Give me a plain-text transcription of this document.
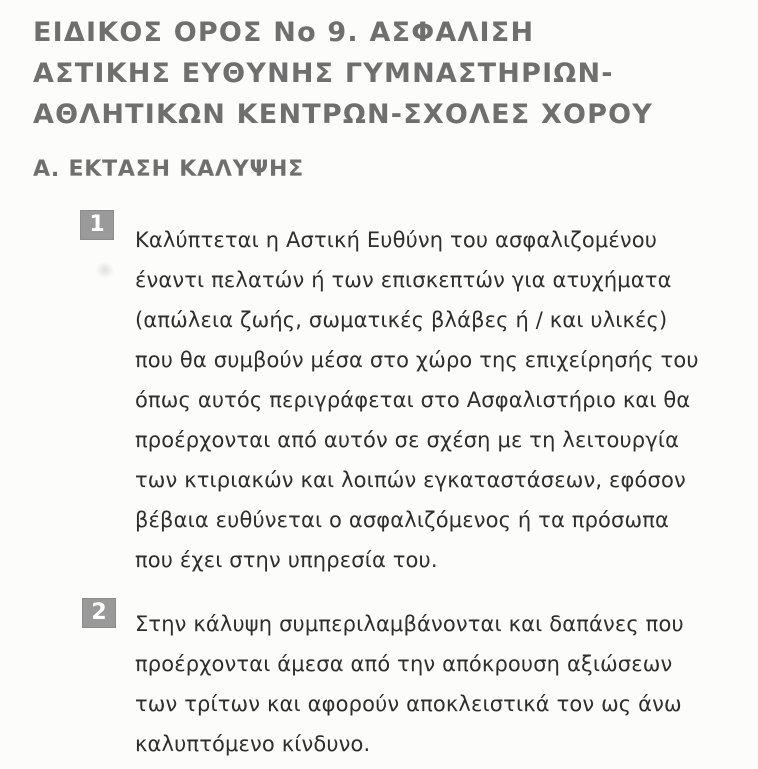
ΕΙΔΙΚΟΣ ΟΡΟΣ Νο 9. ΑΣΦΑΛΙΣΗ
ΑΣΤΙΚΗΣ ΕΥΘΥΝΗΣ ΓΥΜΝΑΣΤΗΡΙΩΝ-
ΑΘΛΗΤΙΚΩΝ ΚΕΝΤΡΩΝ-ΣΧΟΛΕΣ ΧΟΡΟΥ
Α. ΕΚΤΑΣΗ ΚΑΛΥΨΗΣ
1

Καλύπτεται η Αστική Ευθύνη του ασφαλιζομένου
έναντι πελατών ή των επισκεπτών για ατυχήματα
(απώλεια ζωής, σωματικές βλάβες ή / και υλικές)
που θα συμβούν μέσα στο χώρο της επιχείρησής του
όπως αυτός περιγράφεται στο Ασφαλιστήριο και θα
προέρχονται από αυτόν σε σχέση με τη λειτουργία
των κτιριακών και λοιπών εγκαταστάσεων, εφόσον
βέβαια ευθύνεται ο ασφαλιζόμενος ή τα πρόσωπα
που έχει στην υπηρεσία του.

2	Στην κάλυψη συμπεριλαμβάνονται και δαπάνες που
προέρχονται άμεσα από την απόκρουση αξιώσεων
των τρίτων και αφορούν αποκλειστικά τον ως άνω
καλυπτόμενο κίνδυνο.
